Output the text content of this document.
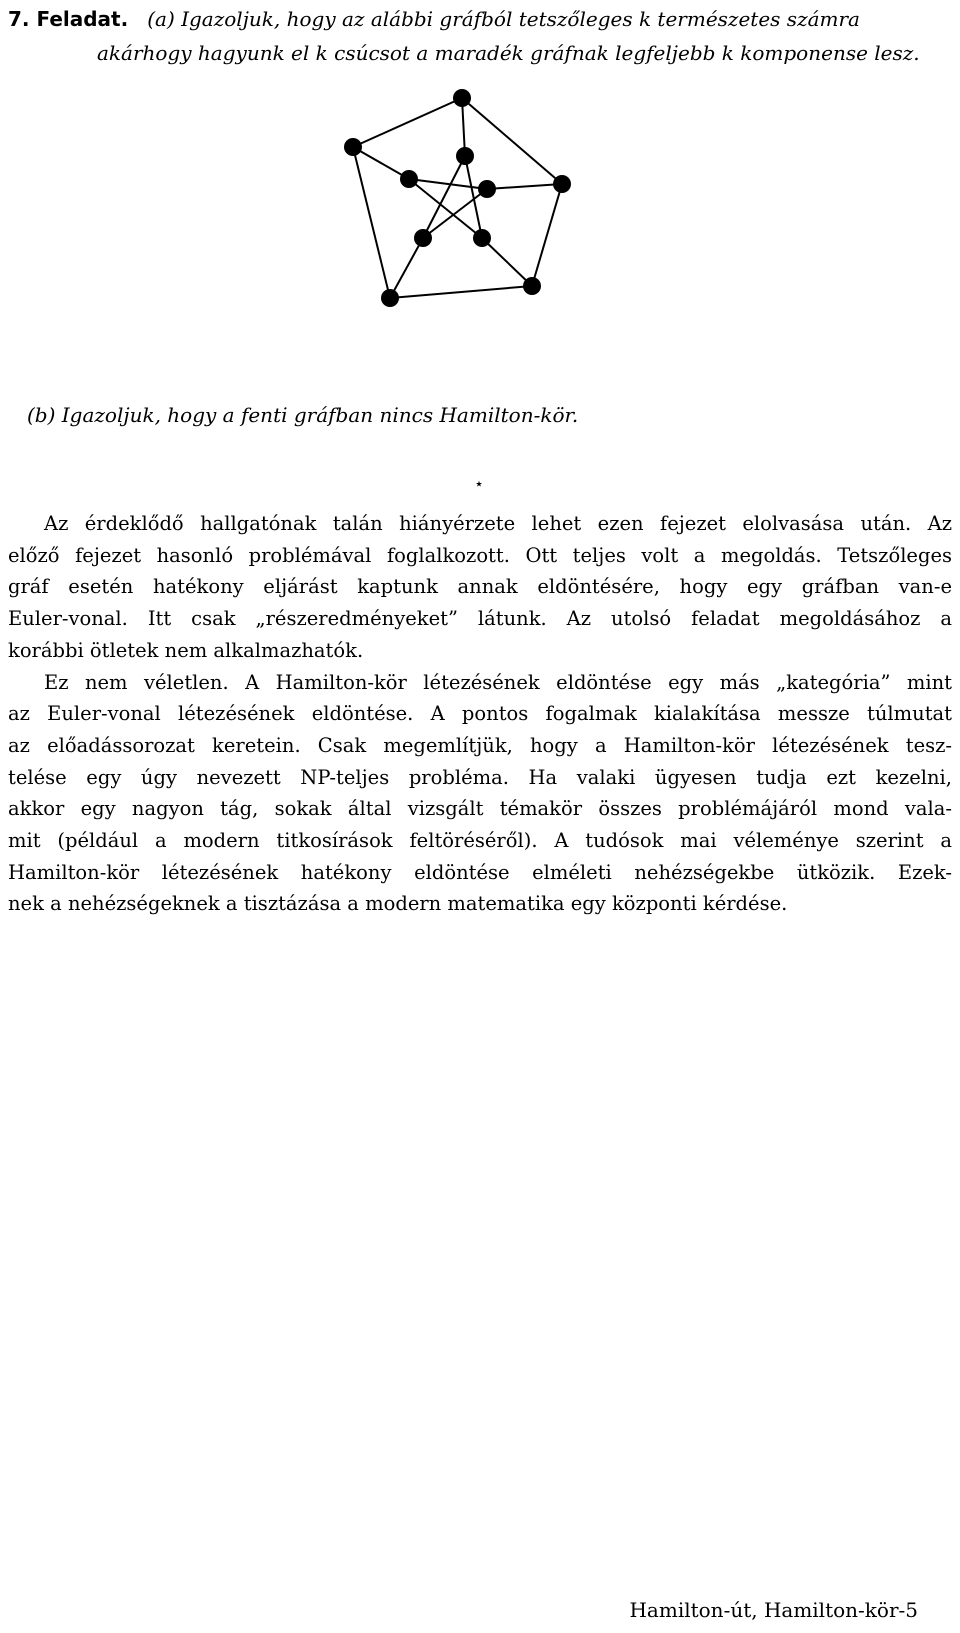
7. Feladat. (a) Igazoljuk, hogy az alábbi gráfból tetszőleges k természetes számra
akárhogy hagyunk el k csúcsot a maradék gráfnak legfeljebb k komponense lesz.
(b) Igazoljuk, hogy a fenti gráfban nincs Hamilton-kör.
⋆

Az érdeklődő hallgatónak talán hiányérzete lehet ezen fejezet elolvasása után. Az
előző fejezet hasonló problémával foglalkozott. Ott teljes volt a megoldás. Tetszőleges
gráf esetén hatékony eljárást kaptunk annak eldöntésére, hogy egy gráfban van-e
Euler-vonal. Itt csak „részeredményeket” látunk. Az utolsó feladat megoldásához a
korábbi ötletek nem alkalmazhatók.

Ez nem véletlen. A Hamilton-kör létezésének eldöntése egy más „kategória” mint
az Euler-vonal létezésének eldöntése. A pontos fogalmak kialakítása messze túlmutat
az előadássorozat keretein. Csak megemlítjük, hogy a Hamilton-kör létezésének tesz-
telése egy úgy nevezett NP-teljes probléma. Ha valaki ügyesen tudja ezt kezelni,
akkor egy nagyon tág, sokak által vizsgált témakör összes problémájáról mond vala-
mit (például a modern titkosírások feltöréséről). A tudósok mai véleménye szerint a
Hamilton-kör létezésének hatékony eldöntése elméleti nehézségekbe ütközik. Ezek-
nek a nehézségeknek a tisztázása a modern matematika egy központi kérdése.

Hamilton-út, Hamilton-kör-5
